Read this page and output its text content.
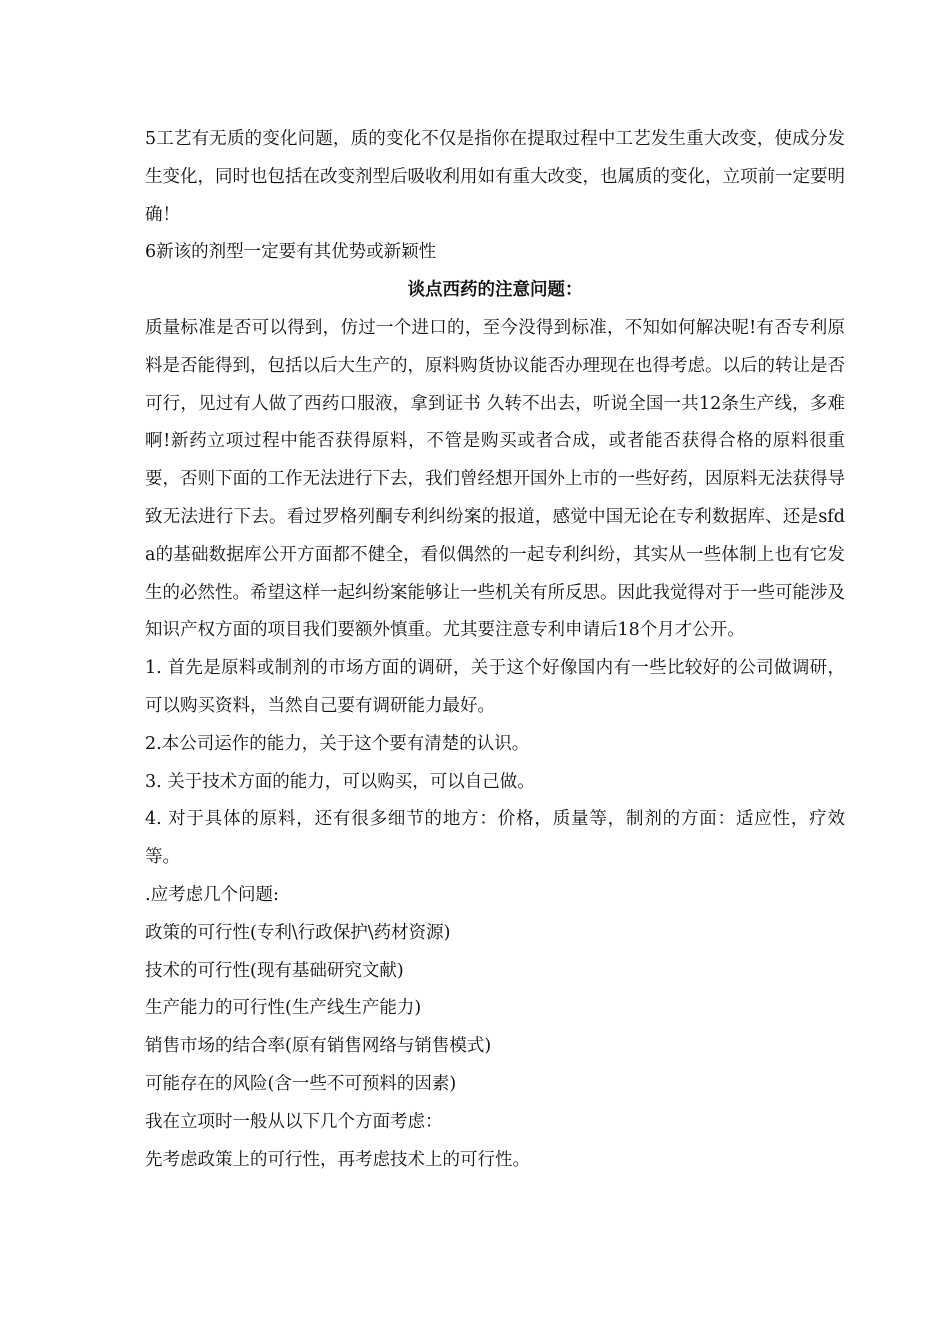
5工艺有无质的变化问题，质的变化不仅是指你在提取过程中工艺发生重大改变，使成分发生变化，同时也包括在改变剂型后吸收利用如有重大改变，也属质的变化，立项前一定要明确！

6新该的剂型一定要有其优势或新颖性

谈点西药的注意问题：

质量标准是否可以得到，仿过一个进口的，至今没得到标准，不知如何解决呢!有否专利原料是否能得到，包括以后大生产的，原料购货协议能否办理现在也得考虑。以后的转让是否可行，见过有人做了西药口服液，拿到证书 久转不出去，听说全国一共12条生产线，多难啊!新药立项过程中能否获得原料，不管是购买或者合成，或者能否获得合格的原料很重要，否则下面的工作无法进行下去，我们曾经想开国外上市的一些好药，因原料无法获得导致无法进行下去。看过罗格列酮专利纠纷案的报道，感觉中国无论在专利数据库、还是sfda的基础数据库公开方面都不健全，看似偶然的一起专利纠纷，其实从一些体制上也有它发生的必然性。希望这样一起纠纷案能够让一些机关有所反思。因此我觉得对于一些可能涉及知识产权方面的项目我们要额外慎重。尤其要注意专利申请后18个月才公开。

1. 首先是原料或制剂的市场方面的调研，关于这个好像国内有一些比较好的公司做调研，可以购买资料，当然自己要有调研能力最好。

2.本公司运作的能力，关于这个要有清楚的认识。

3. 关于技术方面的能力，可以购买，可以自己做。

4. 对于具体的原料，还有很多细节的地方：价格，质量等，制剂的方面：适应性，疗效等。

.应考虑几个问题:

政策的可行性(专利\行政保护\药材资源)

技术的可行性(现有基础研究文献)

生产能力的可行性(生产线生产能力)

销售市场的结合率(原有销售网络与销售模式)

可能存在的风险(含一些不可预料的因素)

我在立项时一般从以下几个方面考虑：

先考虑政策上的可行性，再考虑技术上的可行性。
